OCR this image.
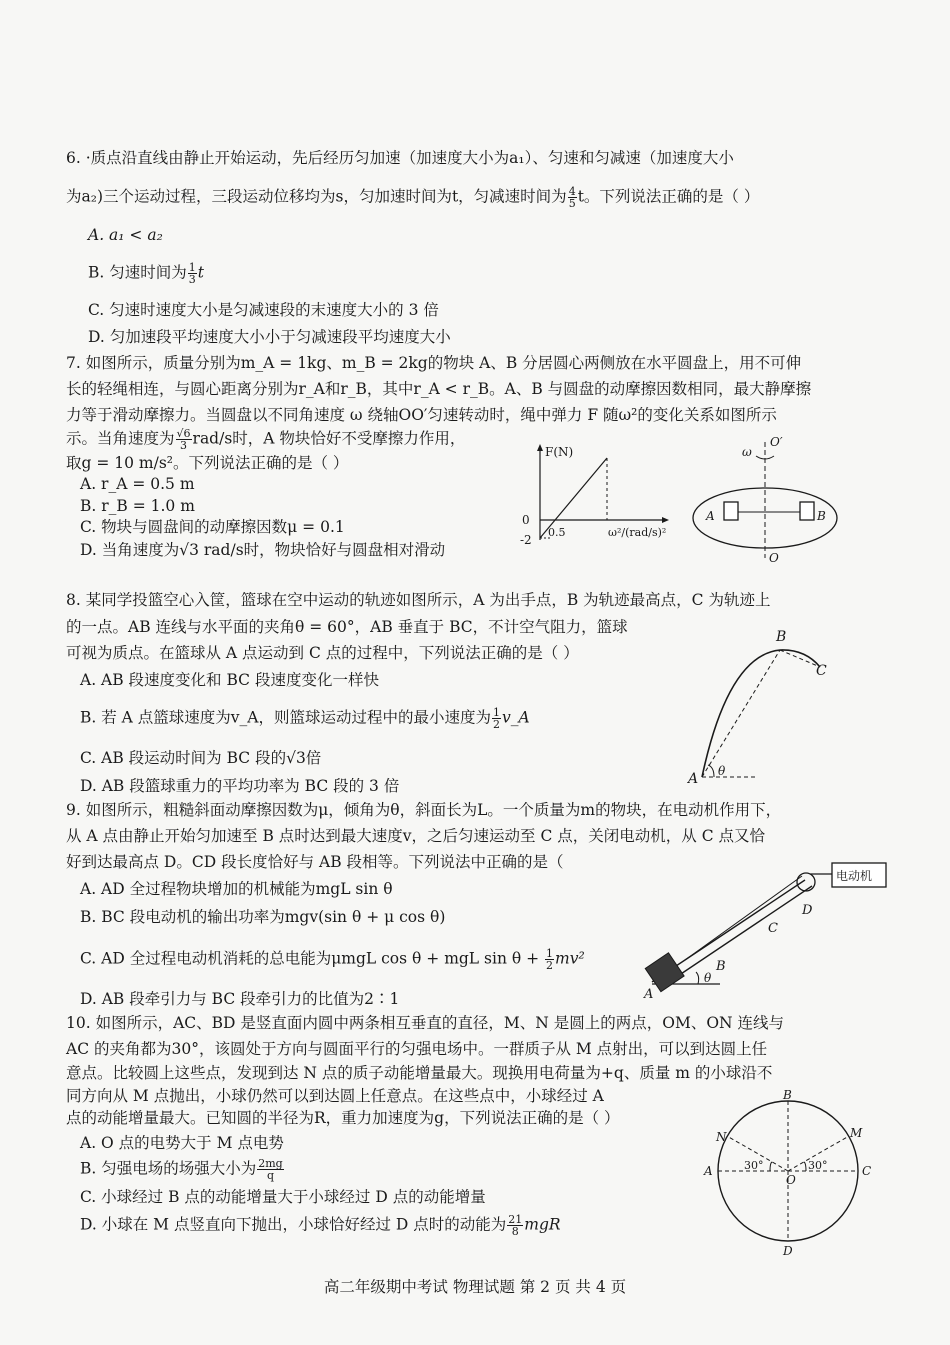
6. ·质点沿直线由静止开始运动，先后经历匀加速（加速度大小为a₁）、匀速和匀减速（加速度大小
为a₂)三个运动过程，三段运动位移均为s，匀加速时间为t，匀减速时间为 $\frac{4}{5}$ t。下列说法正确的是（ ）
A. a₁ < a₂
B. 匀速时间为 $\frac{1}{3}$ t
C. 匀速时速度大小是匀减速段的末速度大小的 3 倍
D. 匀加速段平均速度大小小于匀减速段平均速度大小
7. 如图所示，质量分别为m_A = 1kg、m_B = 2kg的物块 A、B 分居圆心两侧放在水平圆盘上，用不可伸
长的轻绳相连，与圆心距离分别为r_A和r_B，其中r_A < r_B。A、B 与圆盘的动摩擦因数相同，最大静摩擦
力等于滑动摩擦力。当圆盘以不同角速度 ω 绕轴OO′匀速转动时，绳中弹力 F 随ω²的变化关系如图所示
示。当角速度为 $\frac{√6}{3} rad/s$时，A 物块恰好不受摩擦力作用，
取g = 10 m/s²。下列说法正确的是（ ）
A. r_A = 0.5 m
B. r_B = 1.0 m
C. 物块与圆盘间的动摩擦因数μ = 0.1
D. 当角速度为√3 rad/s时，物块恰好与圆盘相对滑动
F(N)
ω²/(rad/s)²
0
-2
0.5
ω
O′
O
A	B
8. 某同学投篮空心入筐，篮球在空中运动的轨迹如图所示，A 为出手点，B 为轨迹最高点，C 为轨迹上
的一点。AB 连线与水平面的夹角θ = 60°，AB 垂直于 BC，不计空气阻力，篮球
可视为质点。在篮球从 A 点运动到 C 点的过程中，下列说法正确的是（ ）
A. AB 段速度变化和 BC 段速度变化一样快
B. 若 A 点篮球速度为v_A，则篮球运动过程中的最小速度为 $\frac{1}{2}$ v_A
C. AB 段运动时间为 BC 段的√3倍
D. AB 段篮球重力的平均功率为 BC 段的 3 倍	A
B
C
θ
9. 如图所示，粗糙斜面动摩擦因数为μ，倾角为θ，斜面长为L。一个质量为m的物块，在电动机作用下，
从 A 点由静止开始匀加速至 B 点时达到最大速度v，之后匀速运动至 C 点，关闭电动机，从 C 点又恰
好到达最高点 D。CD 段长度恰好与 AB 段相等。下列说法中正确的是（
A. AD 全过程物块增加的机械能为mgL sin θ
B. BC 段电动机的输出功率为mgv(sin θ + μ cos θ)
C. AD 全过程电动机消耗的总电能为μmgL cos θ + mgL $\sin \theta + \frac{1}{2} mv^2$
D. AB 段牵引力与 BC 段牵引力的比值为2∶1
电动机
A
B
C
D
θ
10. 如图所示，AC、BD 是竖直面内圆中两条相互垂直的直径，M、N 是圆上的两点，OM、ON 连线与
AC 的夹角都为30°，该圆处于方向与圆面平行的匀强电场中。一群质子从 M 点射出，可以到达圆上任
意点。比较圆上这些点，发现到达 N 点的质子动能增量最大。现换用电荷量为+q、质量 m 的小球沿不
同方向从 M 点抛出，小球仍然可以到达圆上任意点。在这些点中，小球经过 A
点的动能增量最大。已知圆的半径为R，重力加速度为g，下列说法正确的是（ ）
A. O 点的电势大于 M 点电势
B. 匀强电场的场强大小为 $\frac{2mg}{q}$
C. 小球经过 B 点的动能增量大于小球经过 D 点的动能增量
D. 小球在 M 点竖直向下抛出，小球恰好经过 D 点时的动能为 $\frac{21}{8}$ mgR
B
D
A	C
M
N
O
30°	30°
高二年级期中考试 物理试题 第 2 页 共 4 页
